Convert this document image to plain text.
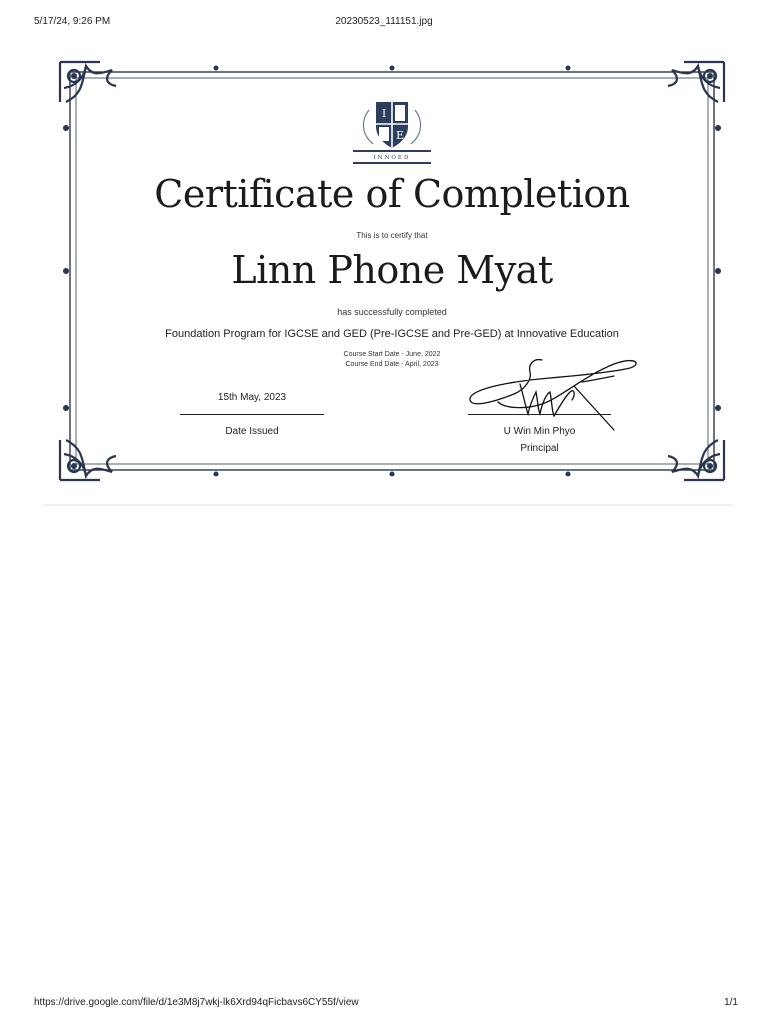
5/17/24, 9:26 PM	20230523_111151.jpg
I
E
INNOED
Certificate of Completion
This is to certify that
Linn Phone Myat
has successfully completed
Foundation Program for IGCSE and GED (Pre-IGCSE and Pre-GED) at Innovative Education
Course Start Date - June, 2022
Course End Date - April, 2023
15th May, 2023
Date Issued	U Win Min Phyo
Principal
https://drive.google.com/file/d/1e3M8j7wkj-lk6Xrd94qFicbavs6CY55f/view	1/1
